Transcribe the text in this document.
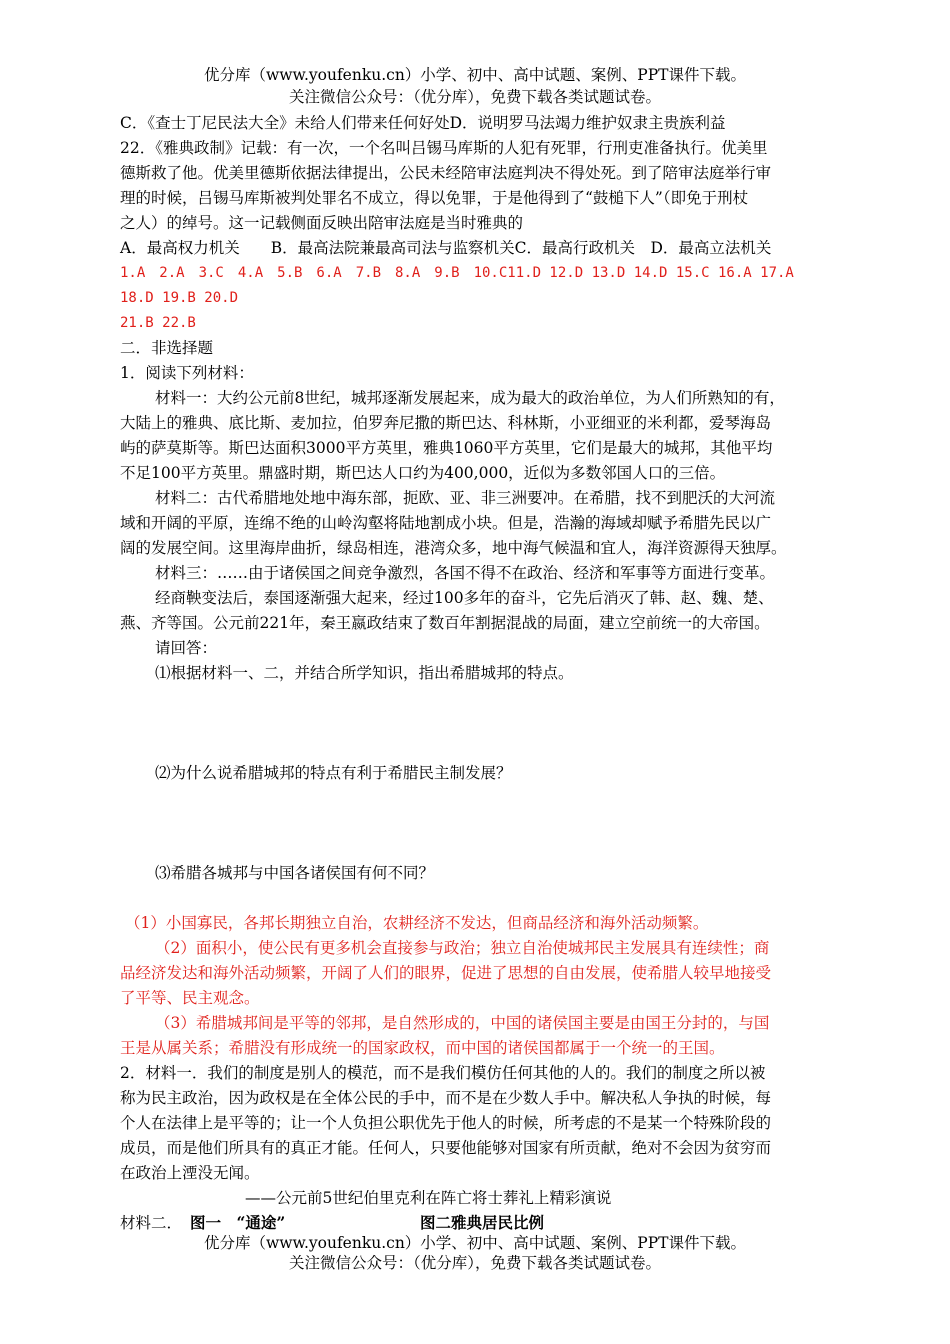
优分库（www.youfenku.cn）小学、初中、高中试题、案例、PPT课件下载。
关注微信公众号：（优分库），免费下载各类试题试卷。
C．《查士丁尼民法大全》未给人们带来任何好处D．说明罗马法竭力维护奴隶主贵族利益
22．《雅典政制》记载：有一次，一个名叫吕锡马库斯的人犯有死罪，行刑吏准备执行。优美里
德斯救了他。优美里德斯依据法律提出，公民未经陪审法庭判决不得处死。到了陪审法庭举行审
理的时候，吕锡马库斯被判处罪名不成立，得以免罪，于是他得到了“鼓槌下人”（即免于刑杖
之人）的绰号。这一记载侧面反映出陪审法庭是当时雅典的
A．最高权力机关　　B．最高法院兼最高司法与监察机关C．最高行政机关　D．最高立法机关
1.A　2.A　3.C　4.A　5.B　6.A　7.B　8.A　9.B　10.C11.D 12.D 13.D 14.D 15.C 16.A 17.A
18.D 19.B 20.D
21.B 22.B
二．非选择题
1．阅读下列材料：
材料一：大约公元前8世纪，城邦逐渐发展起来，成为最大的政治单位，为人们所熟知的有，
大陆上的雅典、底比斯、麦加拉，伯罗奔尼撒的斯巴达、科林斯，小亚细亚的米利都，爱琴海岛
屿的萨莫斯等。斯巴达面积3000平方英里，雅典1060平方英里，它们是最大的城邦，其他平均
不足100平方英里。鼎盛时期，斯巴达人口约为400,000，近似为多数邻国人口的三倍。
材料二：古代希腊地处地中海东部，扼欧、亚、非三洲要冲。在希腊，找不到肥沃的大河流
域和开阔的平原，连绵不绝的山岭沟壑将陆地割成小块。但是，浩瀚的海域却赋予希腊先民以广
阔的发展空间。这里海岸曲折，绿岛相连，港湾众多，地中海气候温和宜人，海洋资源得天独厚。
材料三：……由于诸侯国之间竞争激烈，各国不得不在政治、经济和军事等方面进行变革。
经商鞅变法后，泰国逐渐强大起来，经过100多年的奋斗，它先后消灭了韩、赵、魏、楚、
燕、齐等国。公元前221年，秦王嬴政结束了数百年割据混战的局面，建立空前统一的大帝国。
请回答：
⑴根据材料一、二，并结合所学知识，指出希腊城邦的特点。
⑵为什么说希腊城邦的特点有利于希腊民主制发展？
⑶希腊各城邦与中国各诸侯国有何不同？
（1）小国寡民，各邦长期独立自治，农耕经济不发达，但商品经济和海外活动频繁。
（2）面积小，使公民有更多机会直接参与政治；独立自治使城邦民主发展具有连续性；商
品经济发达和海外活动频繁，开阔了人们的眼界，促进了思想的自由发展，使希腊人较早地接受
了平等、民主观念。
（3）希腊城邦间是平等的邻邦，是自然形成的，中国的诸侯国主要是由国王分封的，与国
王是从属关系；希腊没有形成统一的国家政权，而中国的诸侯国都属于一个统一的王国。
2．材料一．我们的制度是别人的模范，而不是我们模仿任何其他的人的。我们的制度之所以被
称为民主政治，因为政权是在全体公民的手中，而不是在少数人手中。解决私人争执的时候，每
个人在法律上是平等的；让一个人负担公职优先于他人的时候，所考虑的不是某一个特殊阶段的
成员，而是他们所具有的真正才能。任何人，只要他能够对国家有所贡献，绝对不会因为贫穷而
在政治上湮没无闻。
——公元前5世纪伯里克利在阵亡将士葬礼上精彩演说
材料二． 图一　“通途”	图二雅典居民比例
优分库（www.youfenku.cn）小学、初中、高中试题、案例、PPT课件下载。
关注微信公众号：（优分库），免费下载各类试题试卷。
